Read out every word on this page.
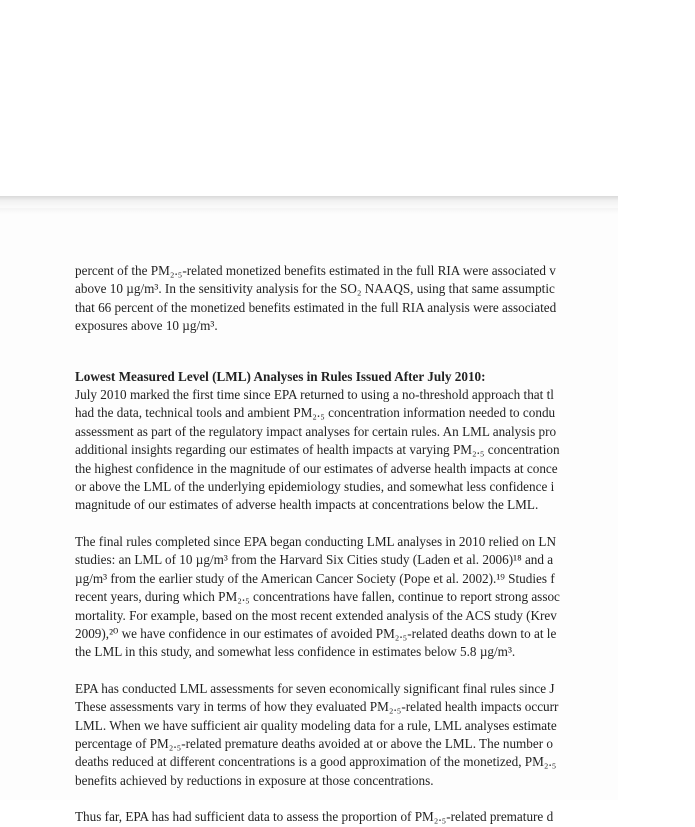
percent of the PM₂.₅-related monetized benefits estimated in the full RIA were associated v
above 10 µg/m³. In the sensitivity analysis for the SO₂ NAAQS, using that same assumptic
that 66 percent of the monetized benefits estimated in the full RIA analysis were associated
exposures above 10 µg/m³.
Lowest Measured Level (LML) Analyses in Rules Issued After July 2010:
July 2010 marked the first time since EPA returned to using a no-threshold approach that tl
had the data, technical tools and ambient PM₂.₅ concentration information needed to condu
assessment as part of the regulatory impact analyses for certain rules. An LML analysis pro
additional insights regarding our estimates of health impacts at varying PM₂.₅ concentration
the highest confidence in the magnitude of our estimates of adverse health impacts at conce
or above the LML of the underlying epidemiology studies, and somewhat less confidence i
magnitude of our estimates of adverse health impacts at concentrations below the LML.
The final rules completed since EPA began conducting LML analyses in 2010 relied on LN
studies: an LML of 10 µg/m³ from the Harvard Six Cities study (Laden et al. 2006)¹⁸ and a
µg/m³ from the earlier study of the American Cancer Society (Pope et al. 2002).¹⁹ Studies f
recent years, during which PM₂.₅ concentrations have fallen, continue to report strong assoc
mortality. For example, based on the most recent extended analysis of the ACS study (Krev
2009),²⁰ we have confidence in our estimates of avoided PM₂.₅-related deaths down to at le
the LML in this study, and somewhat less confidence in estimates below 5.8 µg/m³.
EPA has conducted LML assessments for seven economically significant final rules since J
These assessments vary in terms of how they evaluated PM₂.₅-related health impacts occurr
LML. When we have sufficient air quality modeling data for a rule, LML analyses estimate
percentage of PM₂.₅-related premature deaths avoided at or above the LML. The number o
deaths reduced at different concentrations is a good approximation of the monetized, PM₂.₅
benefits achieved by reductions in exposure at those concentrations.
Thus far, EPA has had sufficient data to assess the proportion of PM₂.₅-related premature d
